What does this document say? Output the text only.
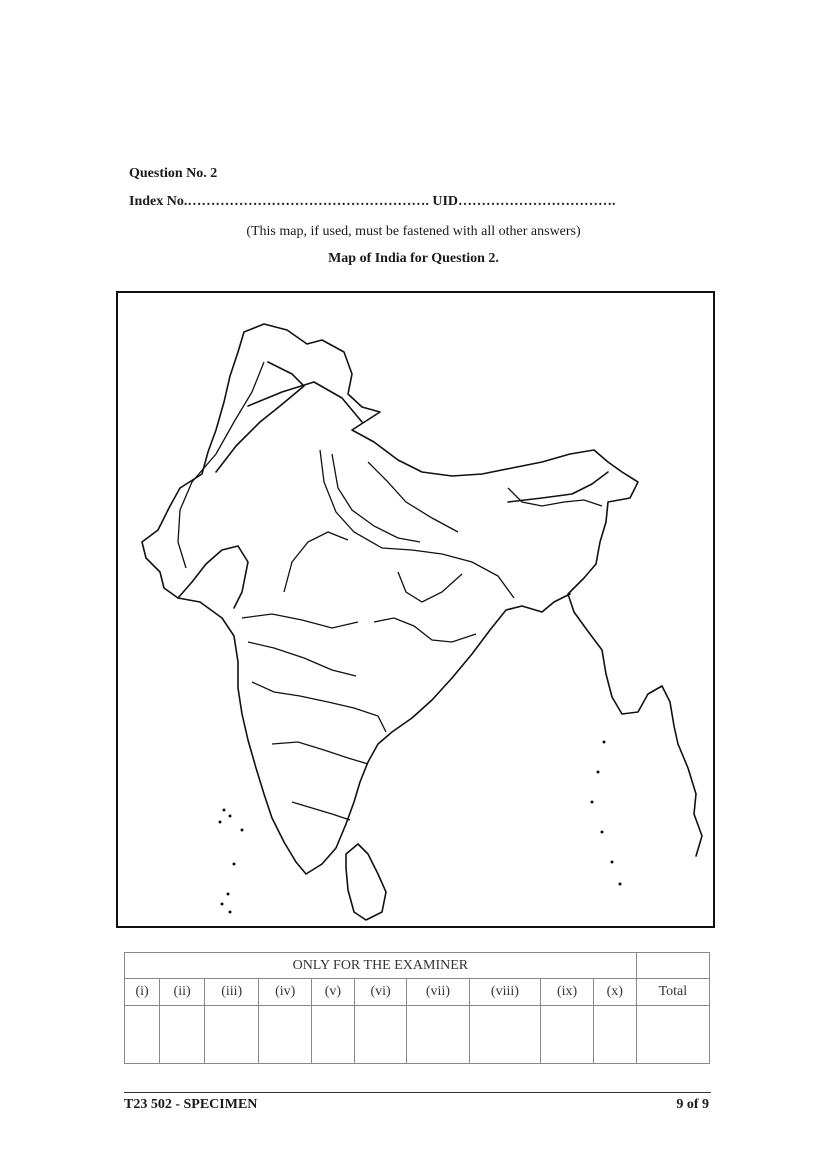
Question No. 2
Index No.……………………………………………. UID…………………………….
(This map, if used, must be fastened with all other answers)
Map of India for Question 2.
ONLY FOR THE EXAMINER										
(i)	(ii)	(iii)	(iv)	(v)	(vi)	(vii)	(viii)	(ix)	(x)	Total

T23 502 - SPECIMEN	9 of 9
